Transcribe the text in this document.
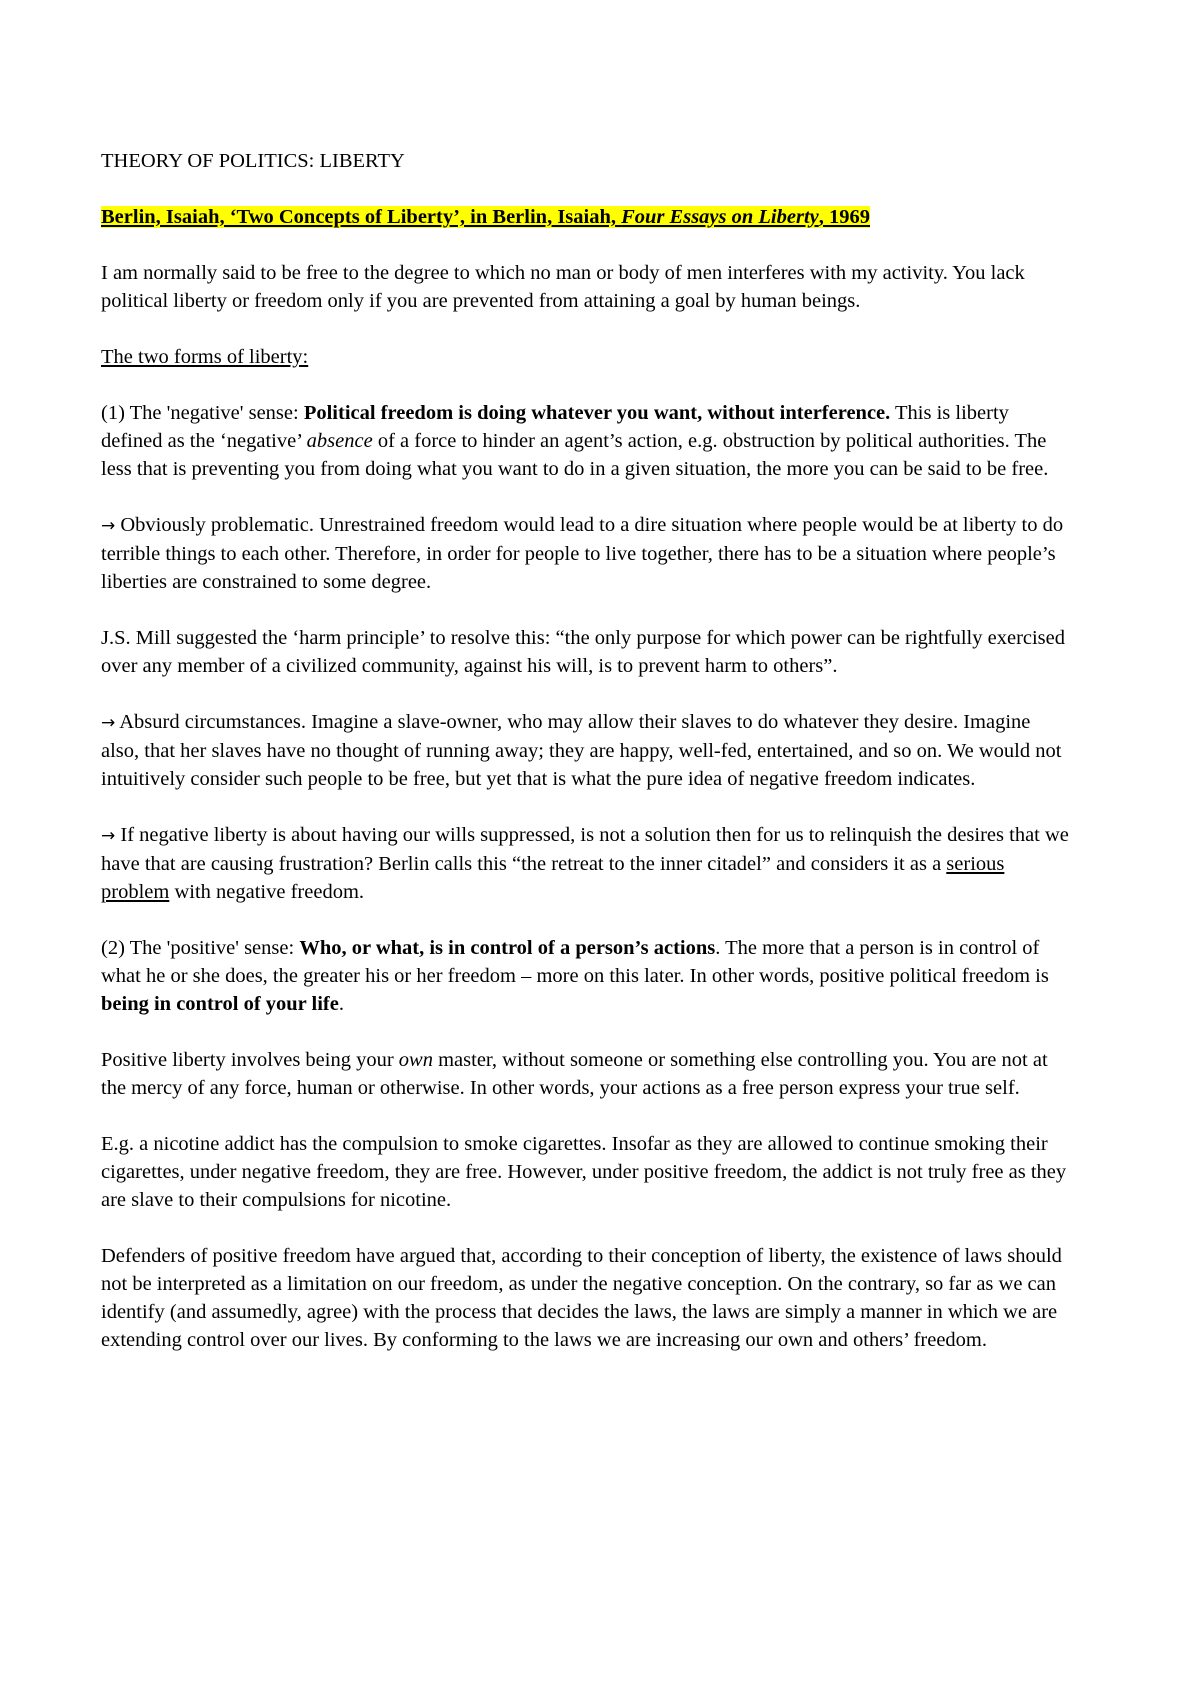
THEORY OF POLITICS: LIBERTY

Berlin, Isaiah, ‘Two Concepts of Liberty’, in Berlin, Isaiah, Four Essays on Liberty, 1969

I am normally said to be free to the degree to which no man or body of men interferes with my activity. You lack political liberty or freedom only if you are prevented from attaining a goal by human beings.

The two forms of liberty:

(1) The 'negative' sense: Political freedom is doing whatever you want, without interference. This is liberty defined as the ‘negative’ absence of a force to hinder an agent’s action, e.g. obstruction by political authorities. The less that is preventing you from doing what you want to do in a given situation, the more you can be said to be free.

→ Obviously problematic. Unrestrained freedom would lead to a dire situation where people would be at liberty to do terrible things to each other. Therefore, in order for people to live together, there has to be a situation where people’s liberties are constrained to some degree.

J.S. Mill suggested the ‘harm principle’ to resolve this: “the only purpose for which power can be rightfully exercised over any member of a civilized community, against his will, is to prevent harm to others”.

→ Absurd circumstances. Imagine a slave-owner, who may allow their slaves to do whatever they desire. Imagine also, that her slaves have no thought of running away; they are happy, well-fed, entertained, and so on. We would not intuitively consider such people to be free, but yet that is what the pure idea of negative freedom indicates.

→ If negative liberty is about having our wills suppressed, is not a solution then for us to relinquish the desires that we have that are causing frustration? Berlin calls this “the retreat to the inner citadel” and considers it as a serious problem with negative freedom.

(2) The 'positive' sense: Who, or what, is in control of a person’s actions. The more that a person is in control of what he or she does, the greater his or her freedom – more on this later. In other words, positive political freedom is being in control of your life.

Positive liberty involves being your own master, without someone or something else controlling you. You are not at the mercy of any force, human or otherwise. In other words, your actions as a free person express your true self.

E.g. a nicotine addict has the compulsion to smoke cigarettes. Insofar as they are allowed to continue smoking their cigarettes, under negative freedom, they are free. However, under positive freedom, the addict is not truly free as they are slave to their compulsions for nicotine.

Defenders of positive freedom have argued that, according to their conception of liberty, the existence of laws should not be interpreted as a limitation on our freedom, as under the negative conception. On the contrary, so far as we can identify (and assumedly, agree) with the process that decides the laws, the laws are simply a manner in which we are extending control over our lives. By conforming to the laws we are increasing our own and others’ freedom.
